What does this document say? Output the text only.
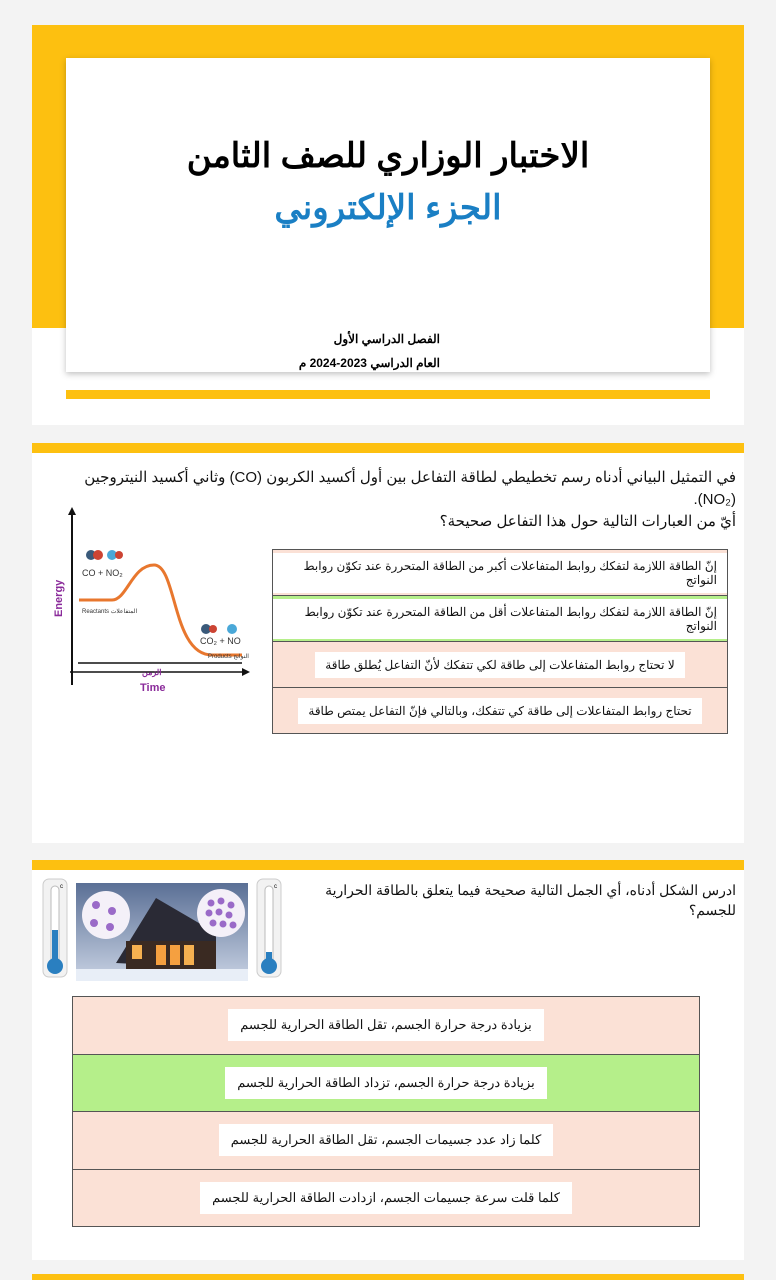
الاختبار الوزاري للصف الثامن
الجزء الإلكتروني
الفصل الدراسي الأول
العام الدراسي 2023-2024 م
في التمثيل البياني أدناه رسم تخطيطي لطاقة التفاعل بين أول أكسيد الكربون (CO) وثاني أكسيد النيتروجين (NO₂).
أيّ من العبارات التالية حول هذا التفاعل صحيحة؟
CO + NO₂
Reactants المتفاعلات
CO₂ + NO
Products النواتج
Energy
الزمن
Time
إنّ الطاقة اللازمة لتفكك روابط المتفاعلات أكبر من الطاقة المتحررة عند تكوّن روابط النواتج
إنّ الطاقة اللازمة لتفكك روابط المتفاعلات أقل من الطاقة المتحررة عند تكوّن روابط النواتج
لا تحتاج روابط المتفاعلات إلى طاقة لكي تتفكك لأنّ التفاعل يُطلق طاقة
تحتاج روابط المتفاعلات إلى طاقة كي تتفكك، وبالتالي فإنّ التفاعل يمتص طاقة
ادرس الشكل أدناه، أي الجمل التالية صحيحة فيما يتعلق بالطاقة الحرارية للجسم؟
c	c
بزيادة درجة حرارة الجسم، تقل الطاقة الحرارية للجسم
بزيادة درجة حرارة الجسم، تزداد الطاقة الحرارية للجسم
كلما زاد عدد جسيمات الجسم، تقل الطاقة الحرارية للجسم
كلما قلت سرعة جسيمات الجسم، ازدادت الطاقة الحرارية للجسم
